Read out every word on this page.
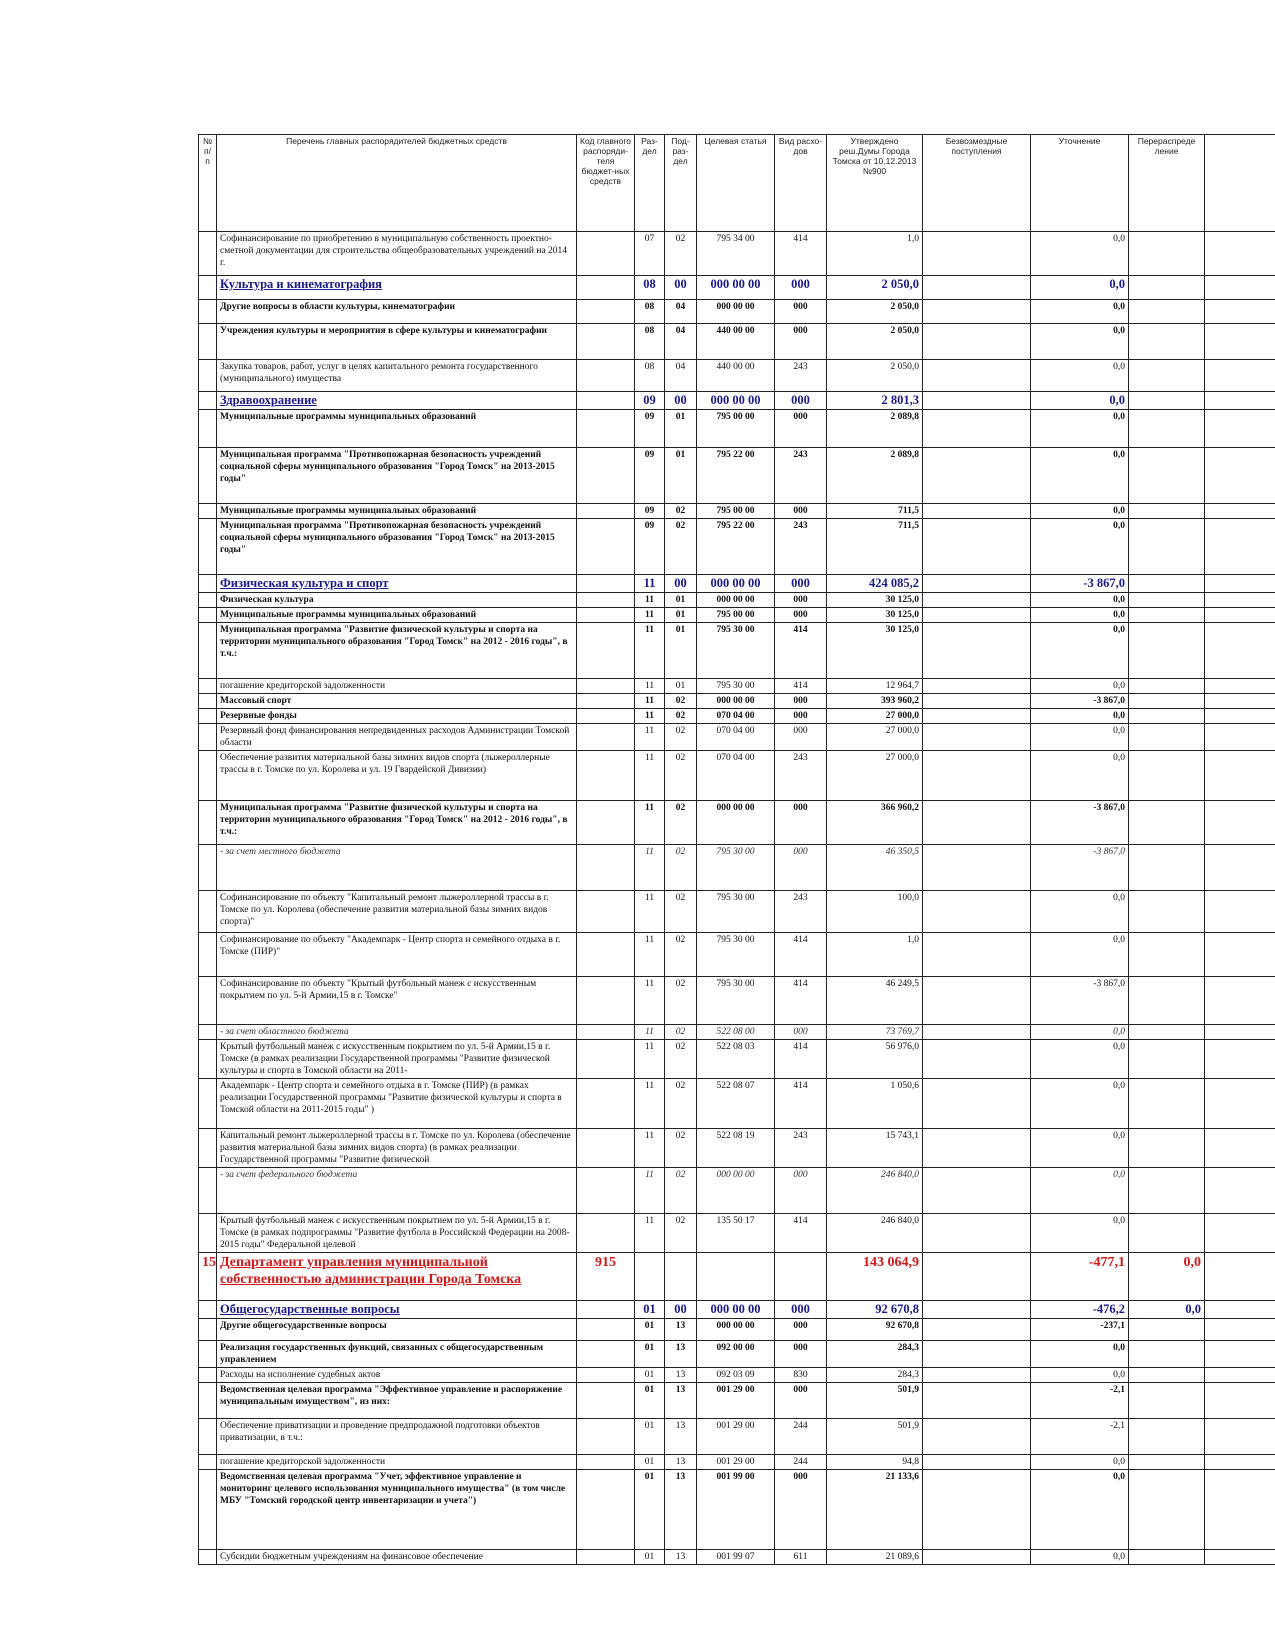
№ п/п	Перечень главных распорядителей бюджетных средств	Код главного распоряди-теля бюджет-ных средств	Раз-дел	Под-раз-дел	Целевая статья	Вид расхо-дов	Утверждено реш.Думы Города Томска от 10.12.2013 №900	Безвозмездные поступления	Уточнение	Перераспреде ление	
	Софинансирование по приобретению в муниципальную собственность проектно-сметной документации для строительства общеобразовательных учреждений на 2014 г.		07	02	795 34 00	414	1,0		0,0		
	Культура и кинематография		08	00	000 00 00	000	2 050,0		0,0		
	Другие вопросы в области культуры, кинематографии		08	04	000 00 00	000	2 050,0		0,0		
	Учреждения культуры и мероприятия в сфере культуры и кинематографии		08	04	440 00 00	000	2 050,0		0,0		
	Закупка товаров, работ, услуг в целях капитального ремонта государственного (муниципального) имущества		08	04	440 00 00	243	2 050,0		0,0		
	Здравоохранение		09	00	000 00 00	000	2 801,3		0,0		
	Муниципальные программы муниципальных образований		09	01	795 00 00	000	2 089,8		0,0		
	Муниципальная программа "Противопожарная безопасность учреждений социальной сферы муниципального образования "Город Томск" на 2013-2015 годы"		09	01	795 22 00	243	2 089,8		0,0		
	Муниципальные программы муниципальных образований		09	02	795 00 00	000	711,5		0,0		
	Муниципальная программа "Противопожарная безопасность учреждений социальной сферы муниципального образования "Город Томск" на 2013-2015 годы"		09	02	795 22 00	243	711,5		0,0		
	Физическая культура и спорт		11	00	000 00 00	000	424 085,2		-3 867,0		
	Физическая культура		11	01	000 00 00	000	30 125,0		0,0		
	Муниципальные программы муниципальных образований		11	01	795 00 00	000	30 125,0		0,0		
	Муниципальная программа "Развитие физической культуры и спорта на территории муниципального образования "Город Томск" на 2012 - 2016 годы", в т.ч.:		11	01	795 30 00	414	30 125,0		0,0		
	погашение кредиторской задолженности		11	01	795 30 00	414	12 964,7		0,0		
	Массовый спорт		11	02	000 00 00	000	393 960,2		-3 867,0		
	Резервные фонды		11	02	070 04 00	000	27 000,0		0,0		
	Резервный фонд финансирования непредвиденных расходов Администрации Томской области		11	02	070 04 00	000	27 000,0		0,0		
	Обеспечение развития материальной базы зимних видов спорта (лыжероллерные трассы в г. Томске по ул. Королева и ул. 19 Гвардейской Дивизии)		11	02	070 04 00	243	27 000,0		0,0		
	Муниципальная программа "Развитие физической культуры и спорта на территории муниципального образования "Город Томск" на 2012 - 2016 годы", в т.ч.:		11	02	000 00 00	000	366 960,2		-3 867,0		
	- за счет местного бюджета		11	02	795 30 00	000	46 350,5		-3 867,0		
	Софинансирование по объекту "Капитальный ремонт лыжероллерной трассы в г. Томске по ул. Королева (обеспечение развития материальной базы зимних видов спорта)"		11	02	795 30 00	243	100,0		0,0		
	Софинансирование по объекту "Академпарк - Центр спорта и семейного отдыха в г. Томске (ПИР)"		11	02	795 30 00	414	1,0		0,0		
	Софинансирование по объекту "Крытый футбольный манеж с искусственным покрытием по ул. 5-й Армии,15 в г. Томске"		11	02	795 30 00	414	46 249,5		-3 867,0		
	- за счет областного бюджета		11	02	522 08 00	000	73 769,7		0,0		
	Крытый футбольный манеж с искусственным покрытием по ул. 5-й Армии,15 в г. Томске (в рамках реализации Государственной программы "Развитие физической культуры и спорта в Томской области на 2011-		11	02	522 08 03	414	56 976,0		0,0		
	Академпарк - Центр спорта и семейного отдыха в г. Томске (ПИР) (в рамках реализации Государственной программы "Развитие физической культуры и спорта в Томской области на 2011-2015 годы" )		11	02	522 08 07	414	1 050,6		0,0		
	Капитальный ремонт лыжероллерной трассы в г. Томске по ул. Королева (обеспечение развития материальной базы зимних видов спорта) (в рамках реализации Государственной программы "Развитие физической		11	02	522 08 19	243	15 743,1		0,0		
	- за счет федерального бюджета		11	02	000 00 00	000	246 840,0		0,0		
	Крытый футбольный манеж с искусственным покрытием по ул. 5-й Армии,15 в г. Томске (в рамках подпрограммы "Развитие футбола в Российской Федерации на 2008-2015 годы" Федеральной целевой		11	02	135 50 17	414	246 840,0		0,0		
15	Департамент управления муниципальной собственностью администрации Города Томска	915					143 064,9		-477,1	0,0	
	Общегосударственные вопросы		01	00	000 00 00	000	92 670,8		-476,2	0,0	
	Другие общегосударственные вопросы		01	13	000 00 00	000	92 670,8		-237,1		
	Реализация государственных функций, связанных с общегосударственным управлением		01	13	092 00 00	000	284,3		0,0		
	Расходы на исполнение судебных актов		01	13	092 03 09	830	284,3		0,0		
	Ведомственная целевая программа "Эффективное управление и распоряжение муниципальным имуществом", из них:		01	13	001 29 00	000	501,9		-2,1		
	Обеспечение приватизации и проведение предпродажной подготовки объектов приватизации, в т.ч.:		01	13	001 29 00	244	501,9		-2,1		
	погашение кредиторской задолженности		01	13	001 29 00	244	94,8		0,0		
	Ведомственная целевая программа "Учет, эффективное управление и мониторинг целевого использования муниципального имущества" (в том числе МБУ "Томский городской центр инвентаризации и учета")		01	13	001 99 00	000	21 133,6		0,0		
	Субсидии бюджетным учреждениям на финансовое обеспечение		01	13	001 99 07	611	21 089,6		0,0		
